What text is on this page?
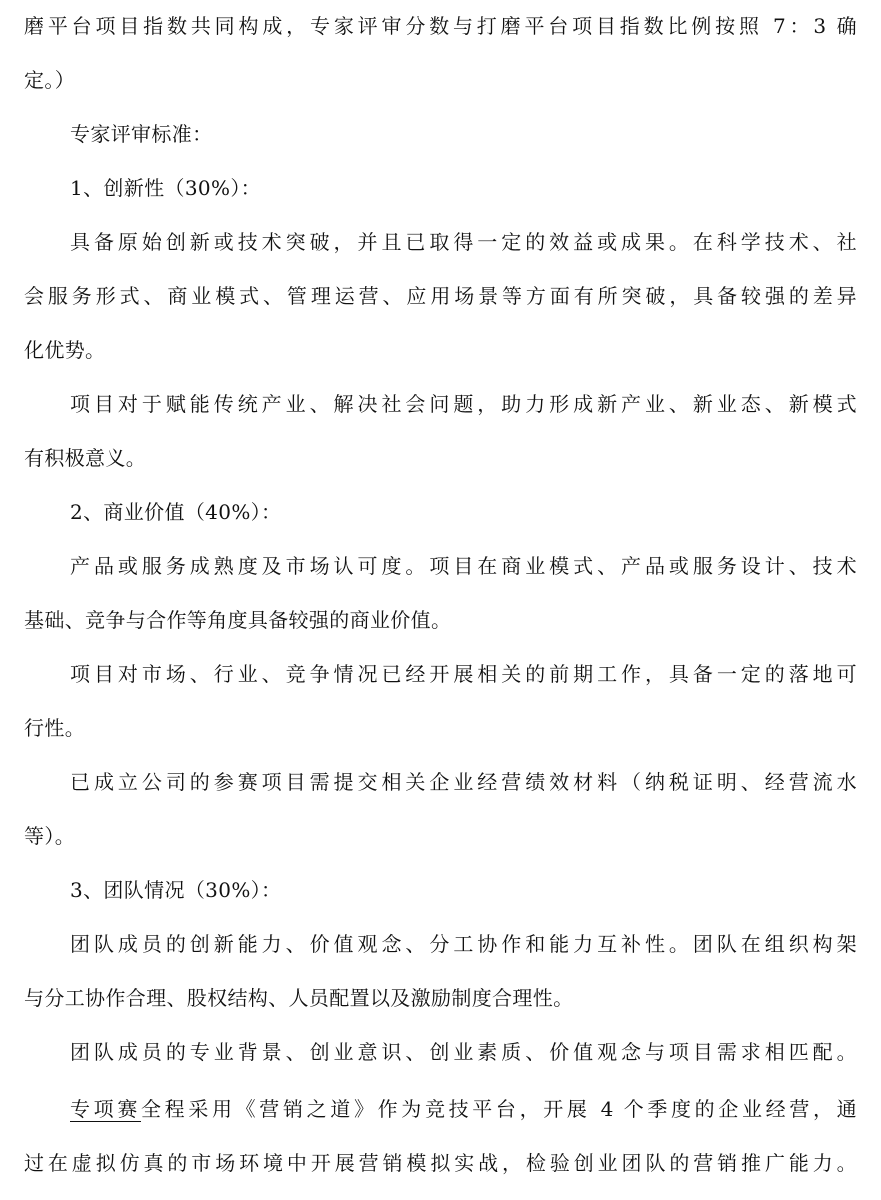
磨平台项目指数共同构成，专家评审分数与打磨平台项目指数比例按照 7：3 确
定。）
专家评审标准：
1、创新性（30%）：
具备原始创新或技术突破，并且已取得一定的效益或成果。在科学技术、社
会服务形式、商业模式、管理运营、应用场景等方面有所突破，具备较强的差异
化优势。
项目对于赋能传统产业、解决社会问题，助力形成新产业、新业态、新模式
有积极意义。
2、商业价值（40%）：
产品或服务成熟度及市场认可度。项目在商业模式、产品或服务设计、技术
基础、竞争与合作等角度具备较强的商业价值。
项目对市场、行业、竞争情况已经开展相关的前期工作，具备一定的落地可
行性。
已成立公司的参赛项目需提交相关企业经营绩效材料（纳税证明、经营流水
等）。
3、团队情况（30%）：
团队成员的创新能力、价值观念、分工协作和能力互补性。团队在组织构架
与分工协作合理、股权结构、人员配置以及激励制度合理性。
团队成员的专业背景、创业意识、创业素质、价值观念与项目需求相匹配。
专项赛全程采用《营销之道》作为竞技平台，开展 4 个季度的企业经营，通
过在虚拟仿真的市场环境中开展营销模拟实战，检验创业团队的营销推广能力。
